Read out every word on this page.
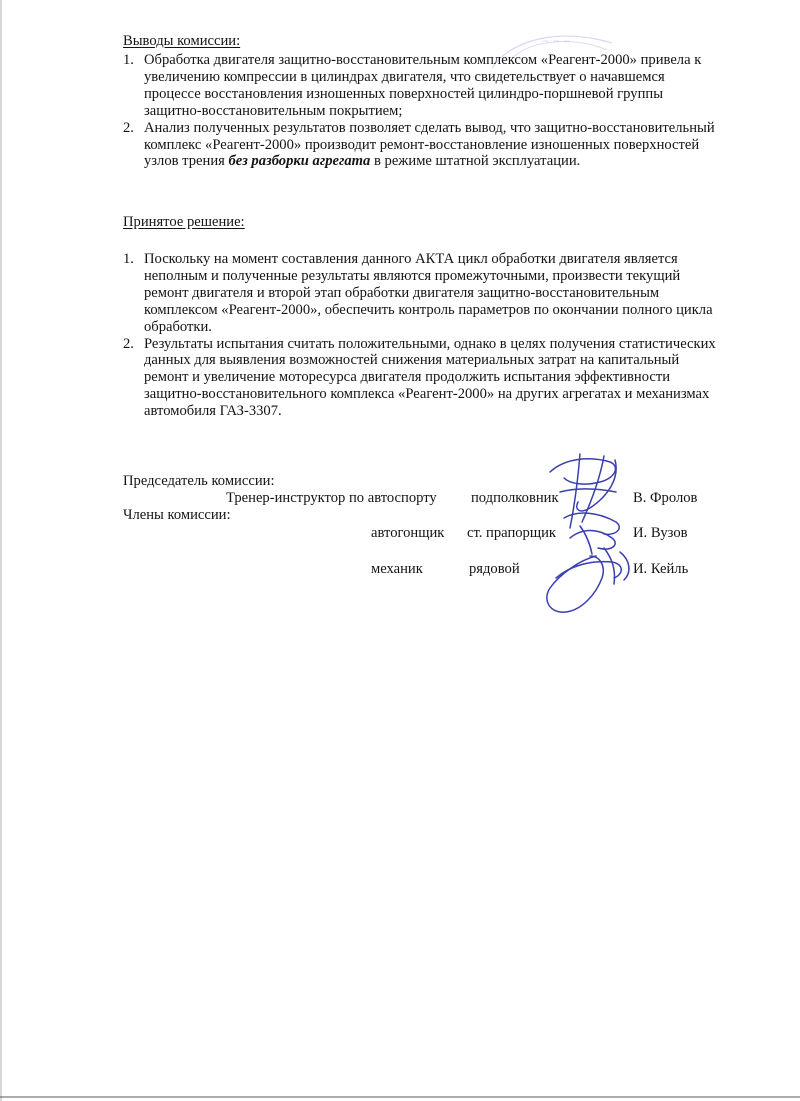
~ ~ ~
Выводы комиссии:
1. Обработка двигателя защитно-восстановительным комплексом «Реагент-2000» привела к увеличению компрессии в цилиндрах двигателя, что свидетельствует о начавшемся процессе восстановления изношенных поверхностей цилиндро-поршневой группы защитно-восстановительным покрытием;
2. Анализ полученных результатов позволяет сделать вывод, что защитно-восстановительный комплекс «Реагент-2000» производит ремонт-восстановление изношенных поверхностей узлов трения без разборки агрегата в режиме штатной эксплуатации.
Принятое решение:
1. Поскольку на момент составления данного АКТА цикл обработки двигателя является неполным и полученные результаты являются промежуточными, произвести текущий ремонт двигателя и второй этап обработки двигателя защитно-восстановительным комплексом «Реагент-2000», обеспечить контроль параметров по окончании полного цикла обработки.
2. Результаты испытания считать положительными, однако в целях получения статистических данных для выявления возможностей снижения материальных затрат на капитальный ремонт и увеличение моторесурса двигателя продолжить испытания эффективности защитно-восстановительного комплекса «Реагент-2000» на других агрегатах и механизмах автомобиля ГАЗ-3307.
Председатель комиссии:
Тренер-инструктор по автоспорту подполковник	В. Фролов
Члены комиссии:
автогонщик ст. прапорщик	И. Вузов
механик	рядовой	И. Кейль
